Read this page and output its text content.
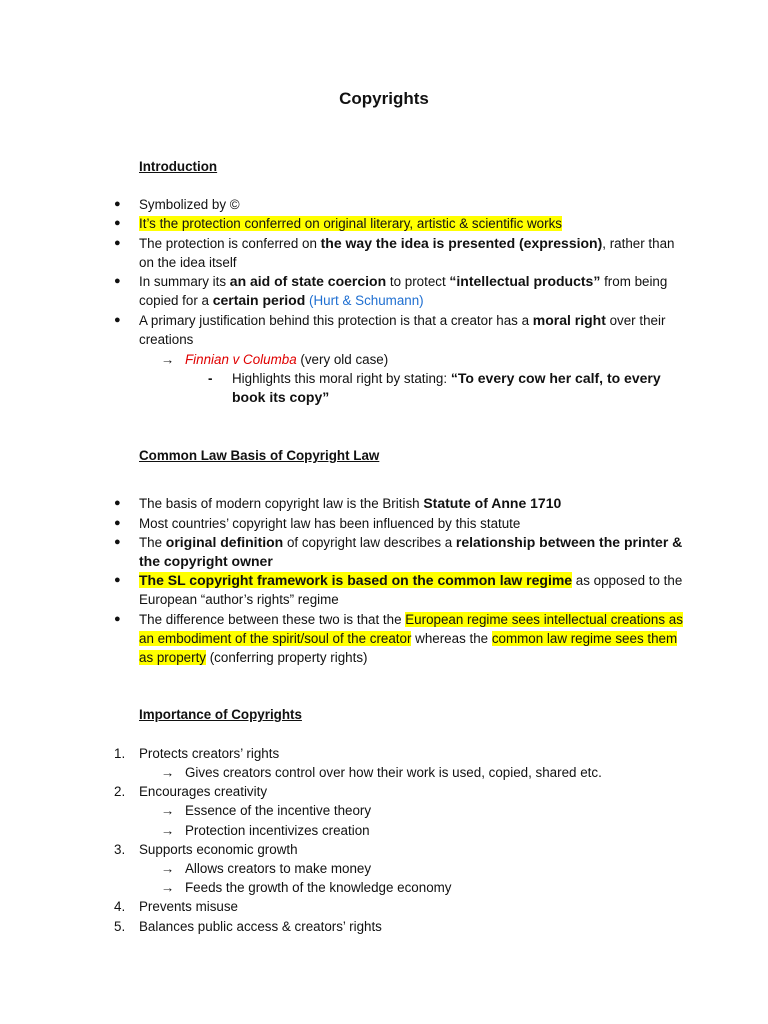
Copyrights
Introduction
●	Symbolized by ©
●	It’s the protection conferred on original literary, artistic & scientific works
●	The protection is conferred on the way the idea is presented (expression), rather than on the idea itself
●	In summary its an aid of state coercion to protect “intellectual products” from being copied for a certain period (Hurt & Schumann)
●	A primary justification behind this protection is that a creator has a moral right over their creations
→ Finnian v Columba (very old case)
- Highlights this moral right by stating: “To every cow her calf, to every book its copy”
Common Law Basis of Copyright Law
●	The basis of modern copyright law is the British Statute of Anne 1710
●	Most countries’ copyright law has been influenced by this statute
●	The original definition of copyright law describes a relationship between the printer & the copyright owner
●	The SL copyright framework is based on the common law regime as opposed to the European “author’s rights” regime
●	The difference between these two is that the European regime sees intellectual creations as an embodiment of the spirit/soul of the creator whereas the common law regime sees them as property (conferring property rights)
Importance of Copyrights
1. Protects creators’ rights
→ Gives creators control over how their work is used, copied, shared etc.
2. Encourages creativity
→ Essence of the incentive theory
→ Protection incentivizes creation
3. Supports economic growth
→ Allows creators to make money
→ Feeds the growth of the knowledge economy
4. Prevents misuse
5. Balances public access & creators’ rights
